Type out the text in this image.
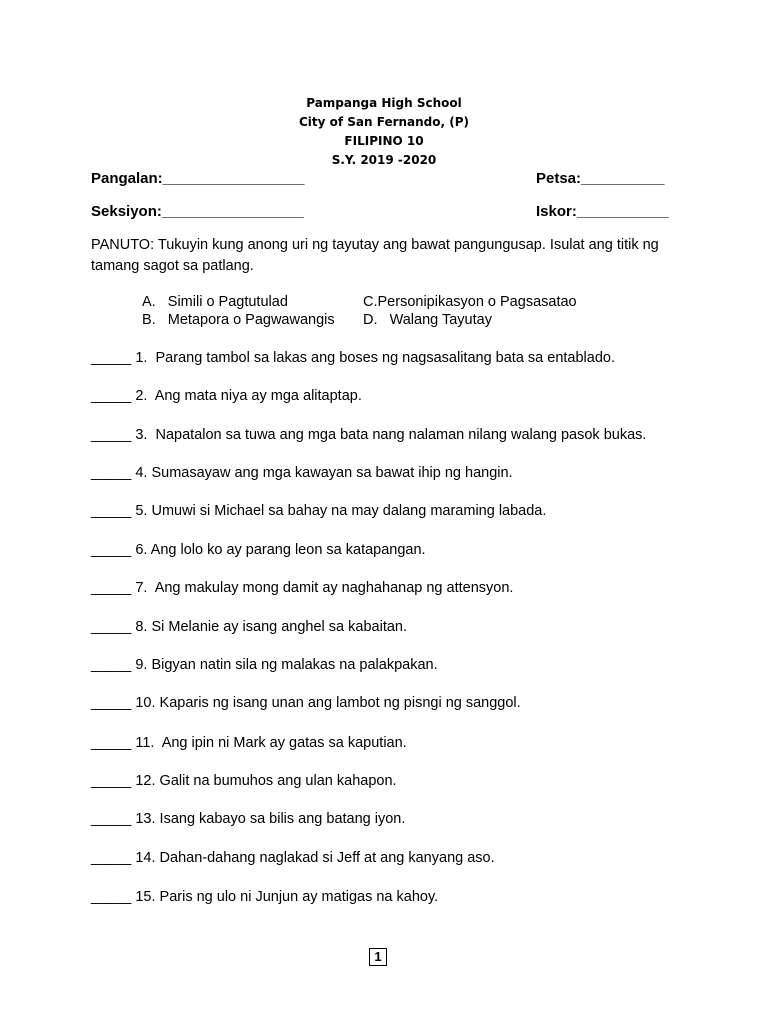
Pampanga High School
City of San Fernando, (P)
FILIPINO 10
S.Y. 2019 -2020
Pangalan:_________________	Petsa:__________
Seksiyon:_________________	Iskor:___________
PANUTO: Tukuyin kung anong uri ng tayutay ang bawat pangungusap. Isulat ang titik ng tamang sagot sa patlang.
A.   Simili o Pagtutulad
B.   Metapora o Pagwawangis
C.Personipikasyon o Pagsasatao
D.   Walang Tayutay
_____ 1.  Parang tambol sa lakas ang boses ng nagsasalitang bata sa entablado.
_____ 2.  Ang mata niya ay mga alitaptap.
_____ 3.  Napatalon sa tuwa ang mga bata nang nalaman nilang walang pasok bukas.
_____ 4. Sumasayaw ang mga kawayan sa bawat ihip ng hangin.
_____ 5. Umuwi si Michael sa bahay na may dalang maraming labada.
_____ 6. Ang lolo ko ay parang leon sa katapangan.
_____ 7.  Ang makulay mong damit ay naghahanap ng attensyon.
_____ 8. Si Melanie ay isang anghel sa kabaitan.
_____ 9. Bigyan natin sila ng malakas na palakpakan.
_____ 10. Kaparis ng isang unan ang lambot ng pisngi ng sanggol.
_____ 11.  Ang ipin ni Mark ay gatas sa kaputian.
_____ 12. Galit na bumuhos ang ulan kahapon.
_____ 13. Isang kabayo sa bilis ang batang iyon.
_____ 14. Dahan-dahang naglakad si Jeff at ang kanyang aso.
_____ 15. Paris ng ulo ni Junjun ay matigas na kahoy.
1
